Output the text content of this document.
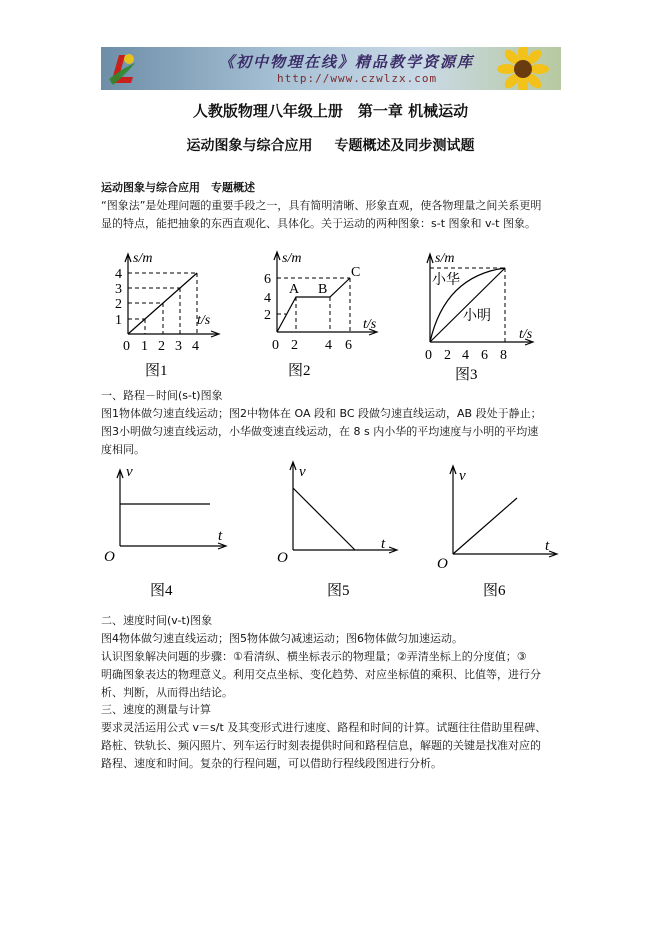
《初中物理在线》精品教学资源库
http://www.czwlzx.com
人教版物理八年级上册　第一章 机械运动
运动图象与综合应用 专题概述及同步测试题
运动图象与综合应用　 专题概述
“图象法”是处理问题的重要手段之一，具有简明清晰、形象直观，使各物理量之间关系更明
显的特点，能把抽象的东西直观化、具体化。关于运动的两种图象：s-t 图象和 v-t 图象。
s/m
t/s
1
2
3
4
0 1 2 3 4
图1
s/m
t/s
2
4
6
0 2 4 6
A B
C
图2
s/m
t/s
小华
小明
0 2 4 6 8
图3
一、路程－时间(s-t)图象
图1物体做匀速直线运动；图2中物体在 OA 段和 BC 段做匀速直线运动，AB 段处于静止；
图3小明做匀速直线运动，小华做变速直线运动，在 8 s 内小华的平均速度与小明的平均速
度相同。
v
t
O
图4
v
t
O
图5
v
t
O
图6
二、速度时间(v-t)图象
图4物体做匀速直线运动；图5物体做匀减速运动；图6物体做匀加速运动。
认识图象解决问题的步骤：①看清纵、横坐标表示的物理量；②弄清坐标上的分度值；③
明确图象表达的物理意义。利用交点坐标、变化趋势、对应坐标值的乘积、比值等，进行分
析、判断，从而得出结论。
三、速度的测量与计算
要求灵活运用公式 v＝s/t 及其变形式进行速度、路程和时间的计算。试题往往借助里程碑、
路桩、铁轨长、频闪照片、列车运行时刻表提供时间和路程信息，解题的关键是找准对应的
路程、速度和时间。复杂的行程问题，可以借助行程线段图进行分析。
